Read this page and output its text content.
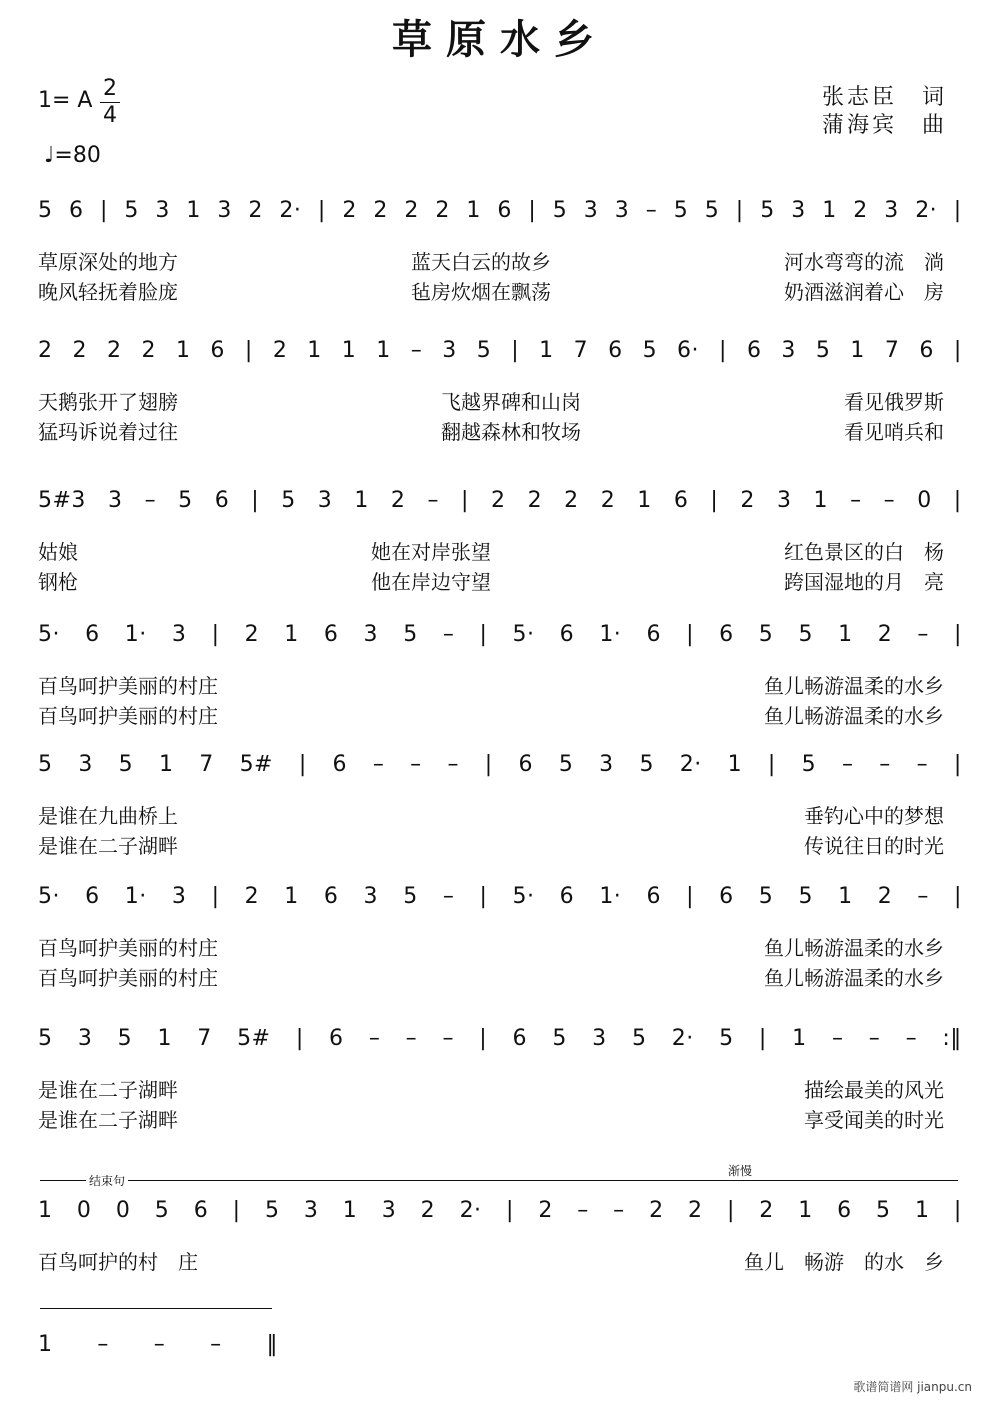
草原水乡
1= A 2
4
♩=80
张志臣　词
蒲海宾　曲
5 6 | 5 3 1 3 2 2· | 2 2 2 2 1 6 | 5 3 3 – 5 5 | 5 3 1 2 3 2· |
草原深处的地方	蓝天白云的故乡	河水弯弯的流　淌
晚风轻抚着脸庞	毡房炊烟在飘荡	奶酒滋润着心　房
2 2 2 2 1 6 | 2 1 1 1 – 3 5 | 1 7 6 5 6· | 6 3 5 1 7 6 |
天鹅张开了翅膀	飞越界碑和山岗	看见俄罗斯
猛玛诉说着过往	翻越森林和牧场	看见哨兵和
5#3 3 – 5 6 | 5 3 1 2 – | 2 2 2 2 1 6 | 2 3 1 – – 0 |
姑娘	她在对岸张望	红色景区的白　杨
钢枪	他在岸边守望	跨国湿地的月　亮
5· 6 1· 3 | 2 1 6 3 5 – | 5· 6 1· 6 | 6 5 5 1 2 – |
百鸟呵护美丽的村庄	鱼儿畅游温柔的水乡
百鸟呵护美丽的村庄	鱼儿畅游温柔的水乡
5 3 5 1 7 5# | 6 – – – | 6 5 3 5 2· 1 | 5 – – – |
是谁在九曲桥上	垂钓心中的梦想
是谁在二子湖畔	传说往日的时光
5· 6 1· 3 | 2 1 6 3 5 – | 5· 6 1· 6 | 6 5 5 1 2 – |
百鸟呵护美丽的村庄	鱼儿畅游温柔的水乡
百鸟呵护美丽的村庄	鱼儿畅游温柔的水乡
5 3 5 1 7 5# | 6 – – – | 6 5 3 5 2· 5 | 1 – – – :‖
是谁在二子湖畔	描绘最美的风光
是谁在二子湖畔	享受闻美的时光
1 0 0 5 6 | 5 3 1 3 2 2· | 2 – – 2 2 | 2 1 6 5 1 |
百鸟呵护的村　庄	鱼儿　畅游　的水　乡
1 – – – ‖
结束句
渐慢
歌谱简谱网 jianpu.cn
